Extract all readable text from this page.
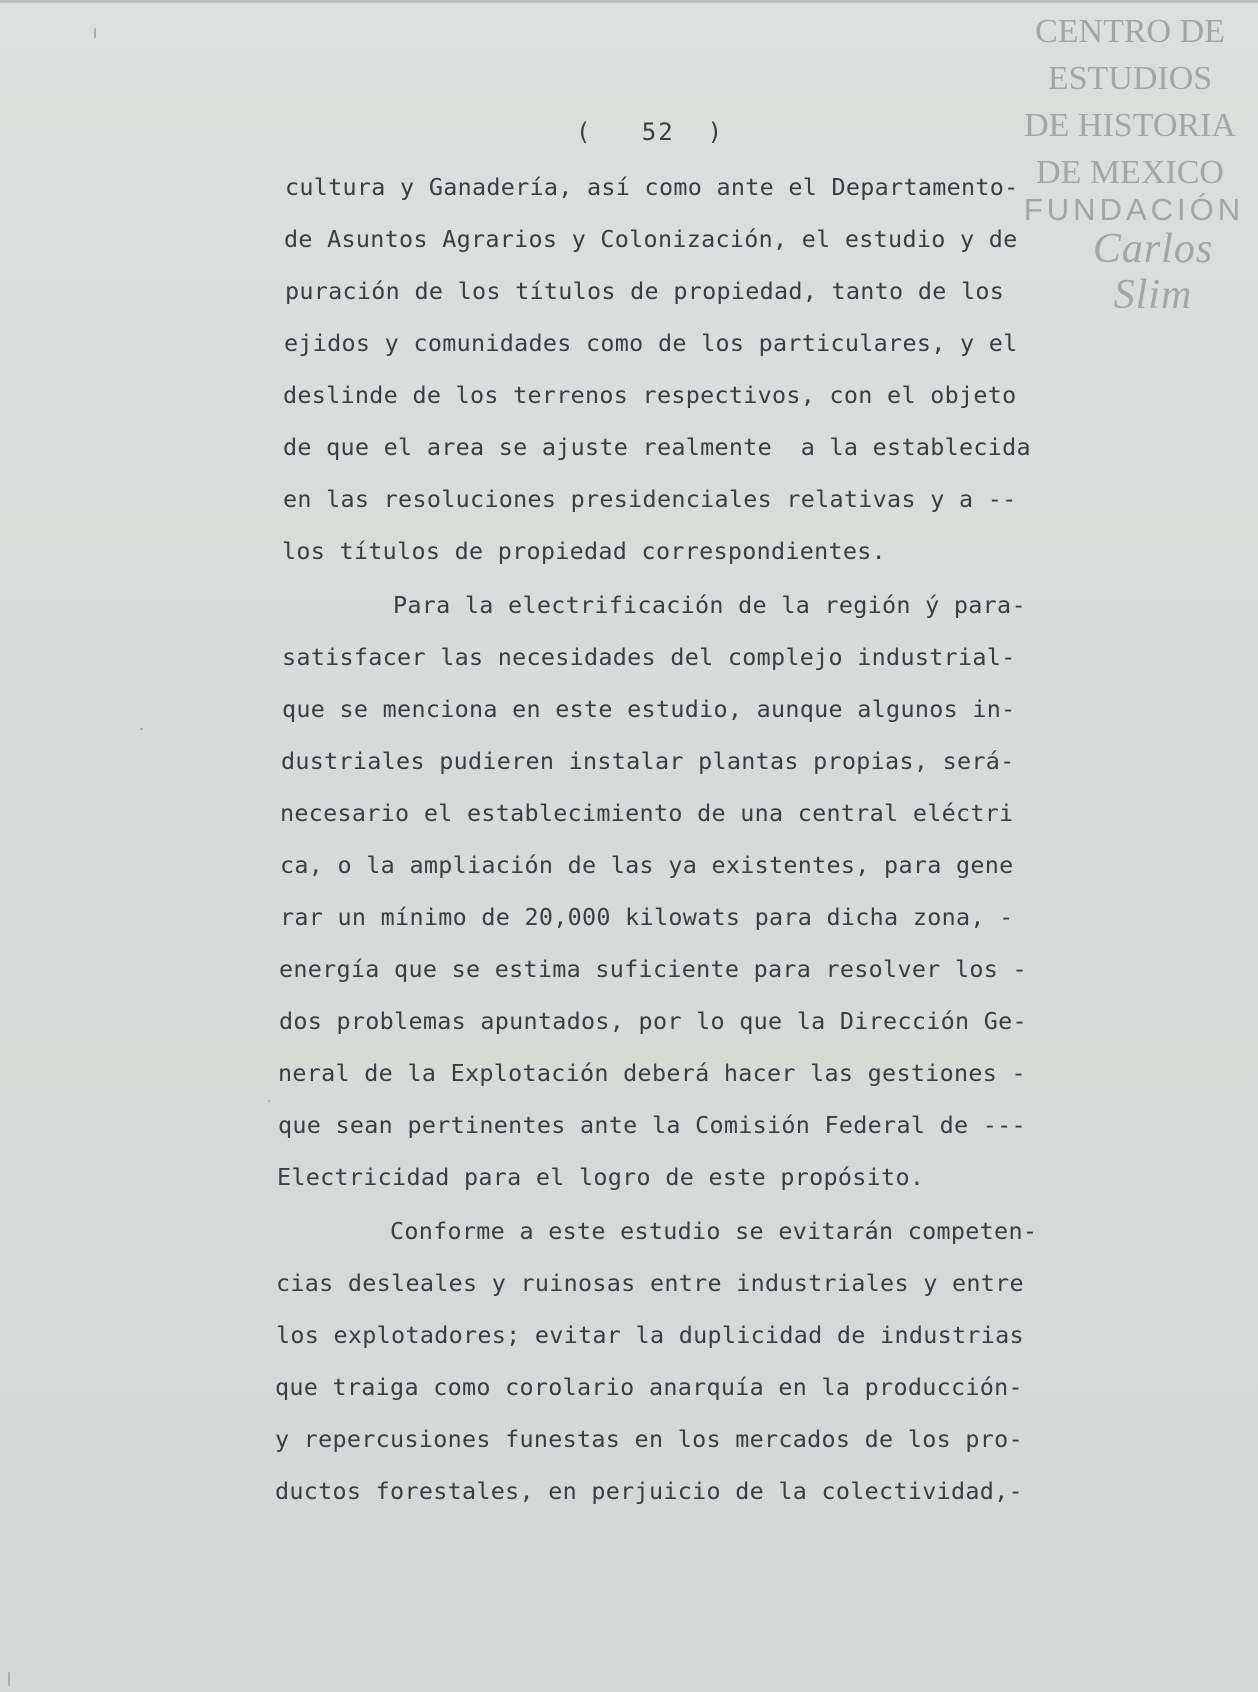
CENTRO DE
ESTUDIOS
DE HISTORIA
DE MEXICO
FUNDACIÓN
Carlos Slim
(   52  )
cultura y Ganadería, así como ante el Departamento-
de Asuntos Agrarios y Colonización, el estudio y de
puración de los títulos de propiedad, tanto de los
ejidos y comunidades como de los particulares, y el
deslinde de los terrenos respectivos, con el objeto
de que el area se ajuste realmente  a la establecida
en las resoluciones presidenciales relativas y a --
los títulos de propiedad correspondientes.
Para la electrificación de la región ý para-
satisfacer las necesidades del complejo industrial-
que se menciona en este estudio, aunque algunos in-
dustriales pudieren instalar plantas propias, será-
necesario el establecimiento de una central eléctri
ca, o la ampliación de las ya existentes, para gene
rar un mínimo de 20,000 kilowats para dicha zona, -
energía que se estima suficiente para resolver los -
dos problemas apuntados, por lo que la Dirección Ge-
neral de la Explotación deberá hacer las gestiones -
que sean pertinentes ante la Comisión Federal de ---
Electricidad para el logro de este propósito.
Conforme a este estudio se evitarán competen-
cias desleales y ruinosas entre industriales y entre
los explotadores; evitar la duplicidad de industrias
que traiga como corolario anarquía en la producción-
y repercusiones funestas en los mercados de los pro-
ductos forestales, en perjuicio de la colectividad,-
